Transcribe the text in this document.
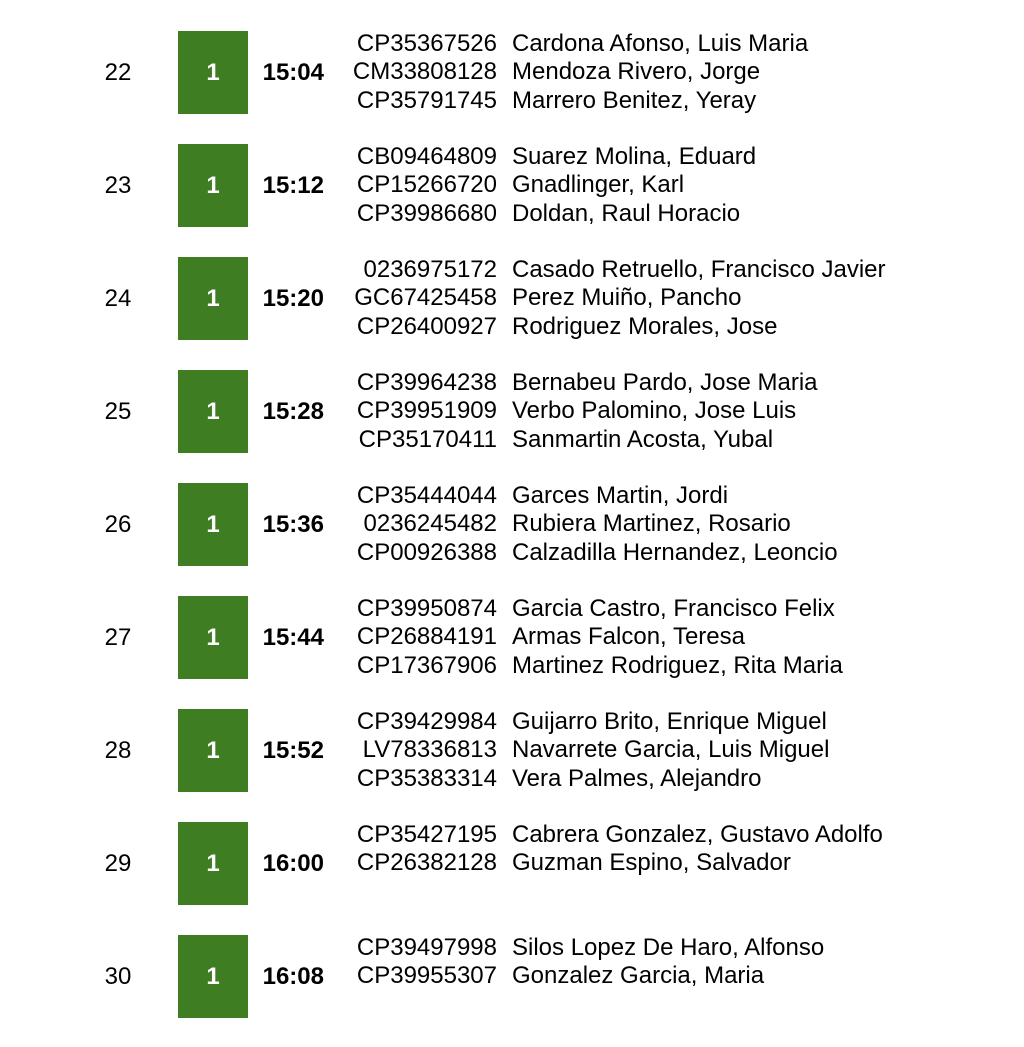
22	1	15:04
CP35367526 Cardona Afonso, Luis Maria
CM33808128 Mendoza Rivero, Jorge
CP35791745 Marrero Benitez, Yeray
23	1	15:12
CB09464809 Suarez Molina, Eduard
CP15266720 Gnadlinger, Karl
CP39986680 Doldan, Raul Horacio
24	1	15:20
0236975172 Casado Retruello, Francisco Javier
GC67425458 Perez Muiño, Pancho
CP26400927 Rodriguez Morales, Jose
25	1	15:28
CP39964238 Bernabeu Pardo, Jose Maria
CP39951909 Verbo Palomino, Jose Luis
CP35170411 Sanmartin Acosta, Yubal
26	1	15:36
CP35444044 Garces Martin, Jordi
0236245482 Rubiera Martinez, Rosario
CP00926388 Calzadilla Hernandez, Leoncio
27	1	15:44
CP39950874 Garcia Castro, Francisco Felix
CP26884191 Armas Falcon, Teresa
CP17367906 Martinez Rodriguez, Rita Maria
28	1	15:52
CP39429984 Guijarro Brito, Enrique Miguel
LV78336813 Navarrete Garcia, Luis Miguel
CP35383314 Vera Palmes, Alejandro
29	1	16:00
CP35427195 Cabrera Gonzalez, Gustavo Adolfo
CP26382128 Guzman Espino, Salvador
30	1	16:08
CP39497998 Silos Lopez De Haro, Alfonso
CP39955307 Gonzalez Garcia, Maria
